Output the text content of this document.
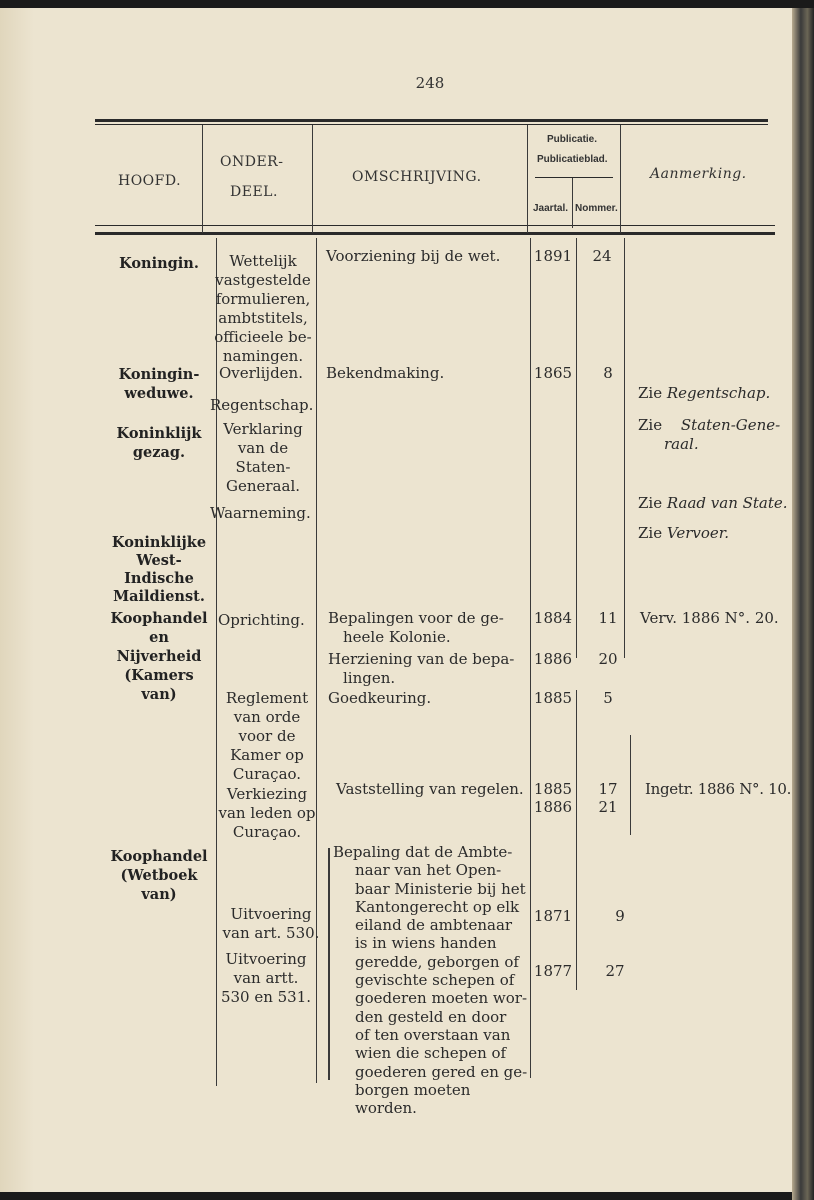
248
HOOFD.
ONDER-
DEEL.
OMSCHRIJVING.
Publicatie.
Publicatieblad.
Jaartal. Nommer.
Aanmerking.
Koningin.
Koningin-
weduwe.
Koninklijk
gezag.
Koninklijke
West-
Indische
Maildienst.
Koophandel
en
Nijverheid
(Kamers
van)
Koophandel
(Wetboek
van)
Wettelijk
vastgestelde
formulieren,
ambtstitels,
officieele be-
namingen.
Overlijden.
Regentschap.
Verklaring
van de
Staten-
Generaal.
Waarneming.
Oprichting.
Reglement
van orde
voor de
Kamer op
Curaçao.
Verkiezing
van leden op
Curaçao.
Uitvoering
van art. 530.
Uitvoering
van artt.
530 en 531.
Voorziening bij de wet.
Bekendmaking.
Bepalingen voor de ge-
heele Kolonie.
Herziening van de bepa-
lingen.
Goedkeuring.
Vaststelling van regelen.
Bepaling dat de Ambte-
naar van het Open-
baar Ministerie bij het
Kantongerecht op elk
eiland de ambtenaar
is in wiens handen
geredde, geborgen of
gevischte schepen of
goederen moeten wor-
den gesteld en door
of ten overstaan van
wien die schepen of
goederen gered en ge-
borgen moeten worden.
1891
1865
1884
1886
1885
1885
1886
1871
1877
24
8
11
20
5
17
21
9
27
Zie Regentschap.
Zie Staten-Gene-
raal.
Zie Raad van State.
Zie Vervoer.
Verv. 1886 N°. 20.
Ingetr. 1886 N°. 10.
